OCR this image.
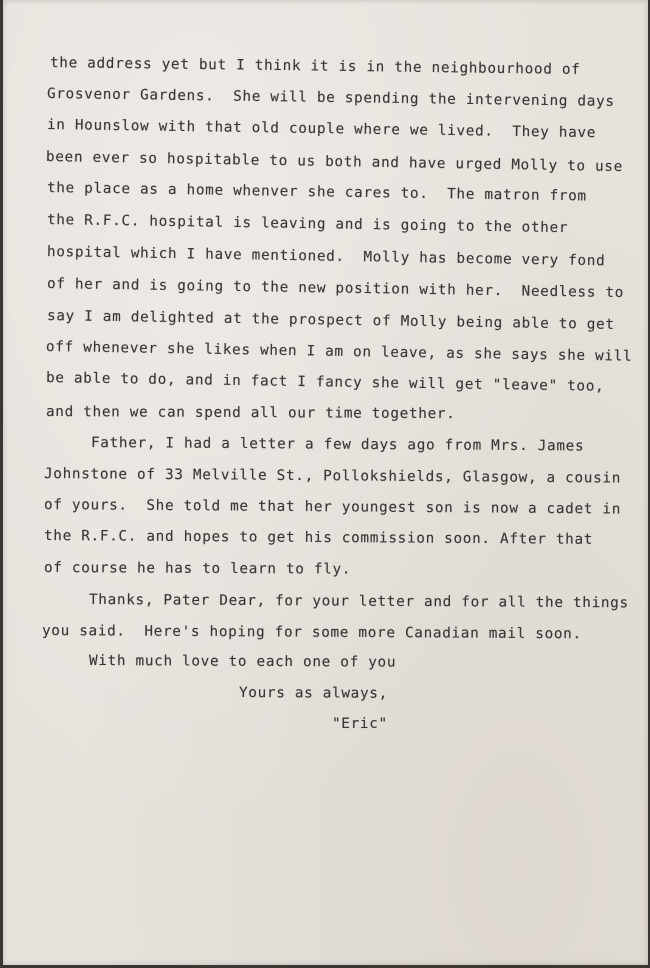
the address yet but I think it is in the neighbourhood of

Grosvenor Gardens.  She will be spending the intervening days

in Hounslow with that old couple where we lived.  They have

been ever so hospitable to us both and have urged Molly to use

the place as a home whenver she cares to.  The matron from

the R.F.C. hospital is leaving and is going to the other

hospital which I have mentioned.  Molly has become very fond

of her and is going to the new position with her.  Needless to

say I am delighted at the prospect of Molly being able to get

off whenever she likes when I am on leave, as she says she will

be able to do, and in fact I fancy she will get "leave" too,

and then we can spend all our time together.

Father, I had a letter a few days ago from Mrs. James

Johnstone of 33 Melville St., Pollokshields, Glasgow, a cousin

of yours.  She told me that her youngest son is now a cadet in

the R.F.C. and hopes to get his commission soon. After that

of course he has to learn to fly.

Thanks, Pater Dear, for your letter and for all the things

you said.  Here's hoping for some more Canadian mail soon.

With much love to each one of you

Yours as always,

"Eric"
